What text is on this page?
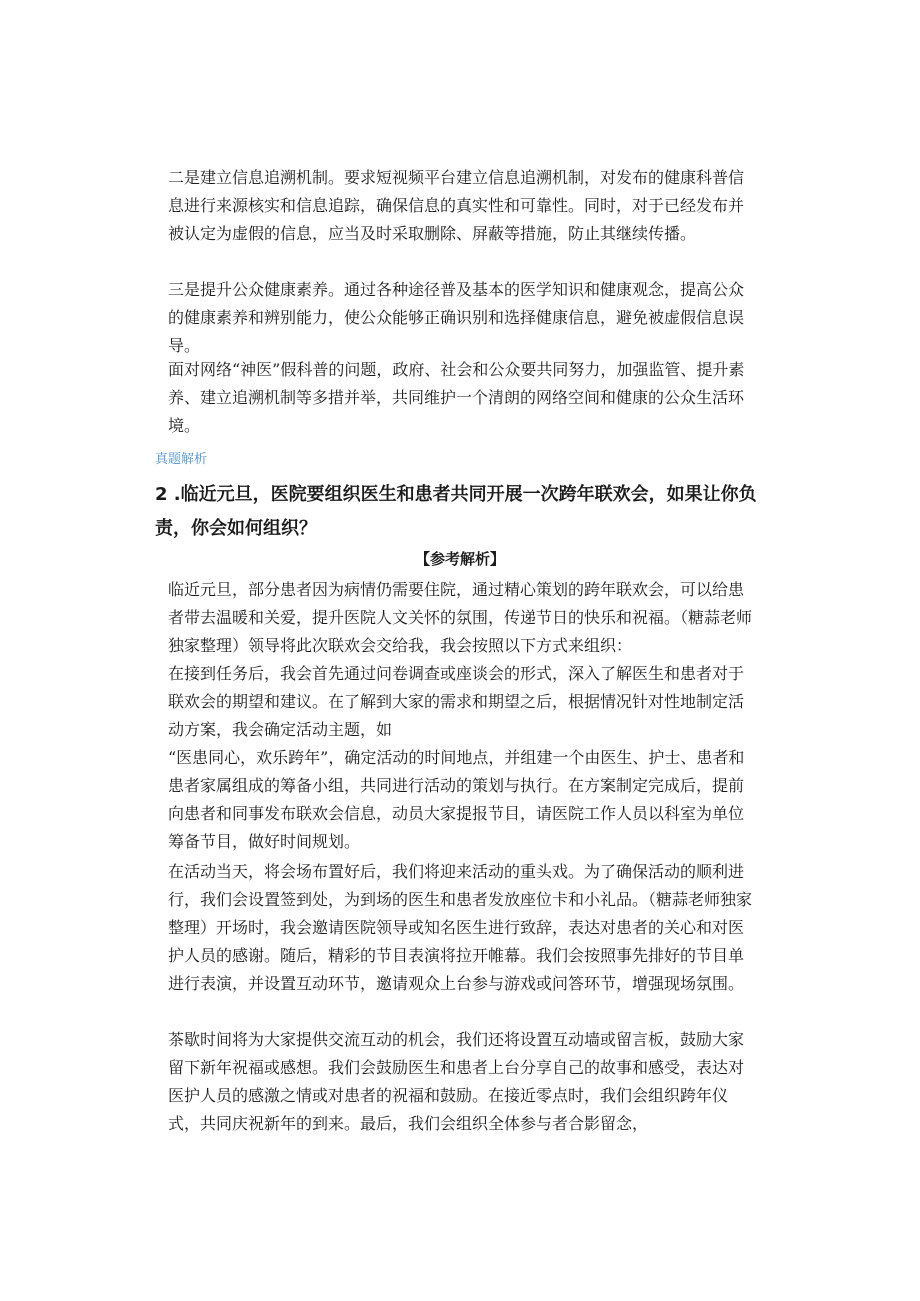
二是建立信息追溯机制。要求短视频平台建立信息追溯机制，对发布的健康科普信息进行来源核实和信息追踪，确保信息的真实性和可靠性。同时，对于已经发布并被认定为虚假的信息，应当及时采取删除、屏蔽等措施，防止其继续传播。

三是提升公众健康素养。通过各种途径普及基本的医学知识和健康观念，提高公众的健康素养和辨别能力，使公众能够正确识别和选择健康信息，避免被虚假信息误导。

面对网络“神医”假科普的问题，政府、社会和公众要共同努力，加强监管、提升素养、建立追溯机制等多措并举，共同维护一个清朗的网络空间和健康的公众生活环境。

真题解析
2 .临近元旦，医院要组织医生和患者共同开展一次跨年联欢会，如果让你负责，你会如何组织？
【参考解析】

临近元旦，部分患者因为病情仍需要住院，通过精心策划的跨年联欢会，可以给患者带去温暖和关爱，提升医院人文关怀的氛围，传递节日的快乐和祝福。（糖蒜老师独家整理）领导将此次联欢会交给我，我会按照以下方式来组织：

在接到任务后，我会首先通过问卷调查或座谈会的形式，深入了解医生和患者对于联欢会的期望和建议。在了解到大家的需求和期望之后，根据情况针对性地制定活动方案，我会确定活动主题，如

“医患同心，欢乐跨年”，确定活动的时间地点，并组建一个由医生、护士、患者和患者家属组成的筹备小组，共同进行活动的策划与执行。在方案制定完成后，提前向患者和同事发布联欢会信息，动员大家提报节目，请医院工作人员以科室为单位筹备节目，做好时间规划。

在活动当天，将会场布置好后，我们将迎来活动的重头戏。为了确保活动的顺利进行，我们会设置签到处，为到场的医生和患者发放座位卡和小礼品。（糖蒜老师独家整理）开场时，我会邀请医院领导或知名医生进行致辞，表达对患者的关心和对医护人员的感谢。随后，精彩的节目表演将拉开帷幕。我们会按照事先排好的节目单进行表演，并设置互动环节，邀请观众上台参与游戏或问答环节，增强现场氛围。

茶歇时间将为大家提供交流互动的机会，我们还将设置互动墙或留言板，鼓励大家留下新年祝福或感想。我们会鼓励医生和患者上台分享自己的故事和感受，表达对医护人员的感激之情或对患者的祝福和鼓励。在接近零点时，我们会组织跨年仪式，共同庆祝新年的到来。最后，我们会组织全体参与者合影留念，
